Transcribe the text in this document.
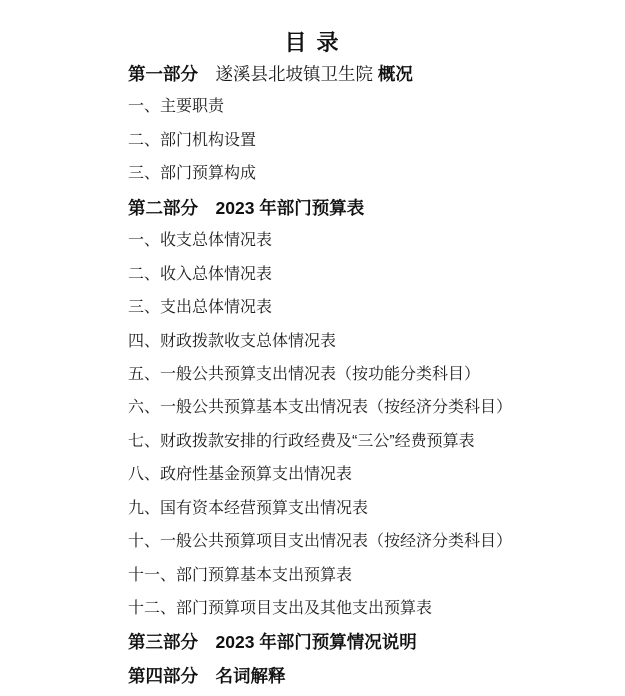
目 录
第一部分　遂溪县北坡镇卫生院 概况
一、主要职责
二、部门机构设置
三、部门预算构成
第二部分　2023 年部门预算表
一、收支总体情况表
二、收入总体情况表
三、支出总体情况表
四、财政拨款收支总体情况表
五、一般公共预算支出情况表（按功能分类科目）
六、一般公共预算基本支出情况表（按经济分类科目）
七、财政拨款安排的行政经费及“三公”经费预算表
八、政府性基金预算支出情况表
九、国有资本经营预算支出情况表
十、一般公共预算项目支出情况表（按经济分类科目）
十一、部门预算基本支出预算表
十二、部门预算项目支出及其他支出预算表
第三部分　2023 年部门预算情况说明
第四部分　名词解释
